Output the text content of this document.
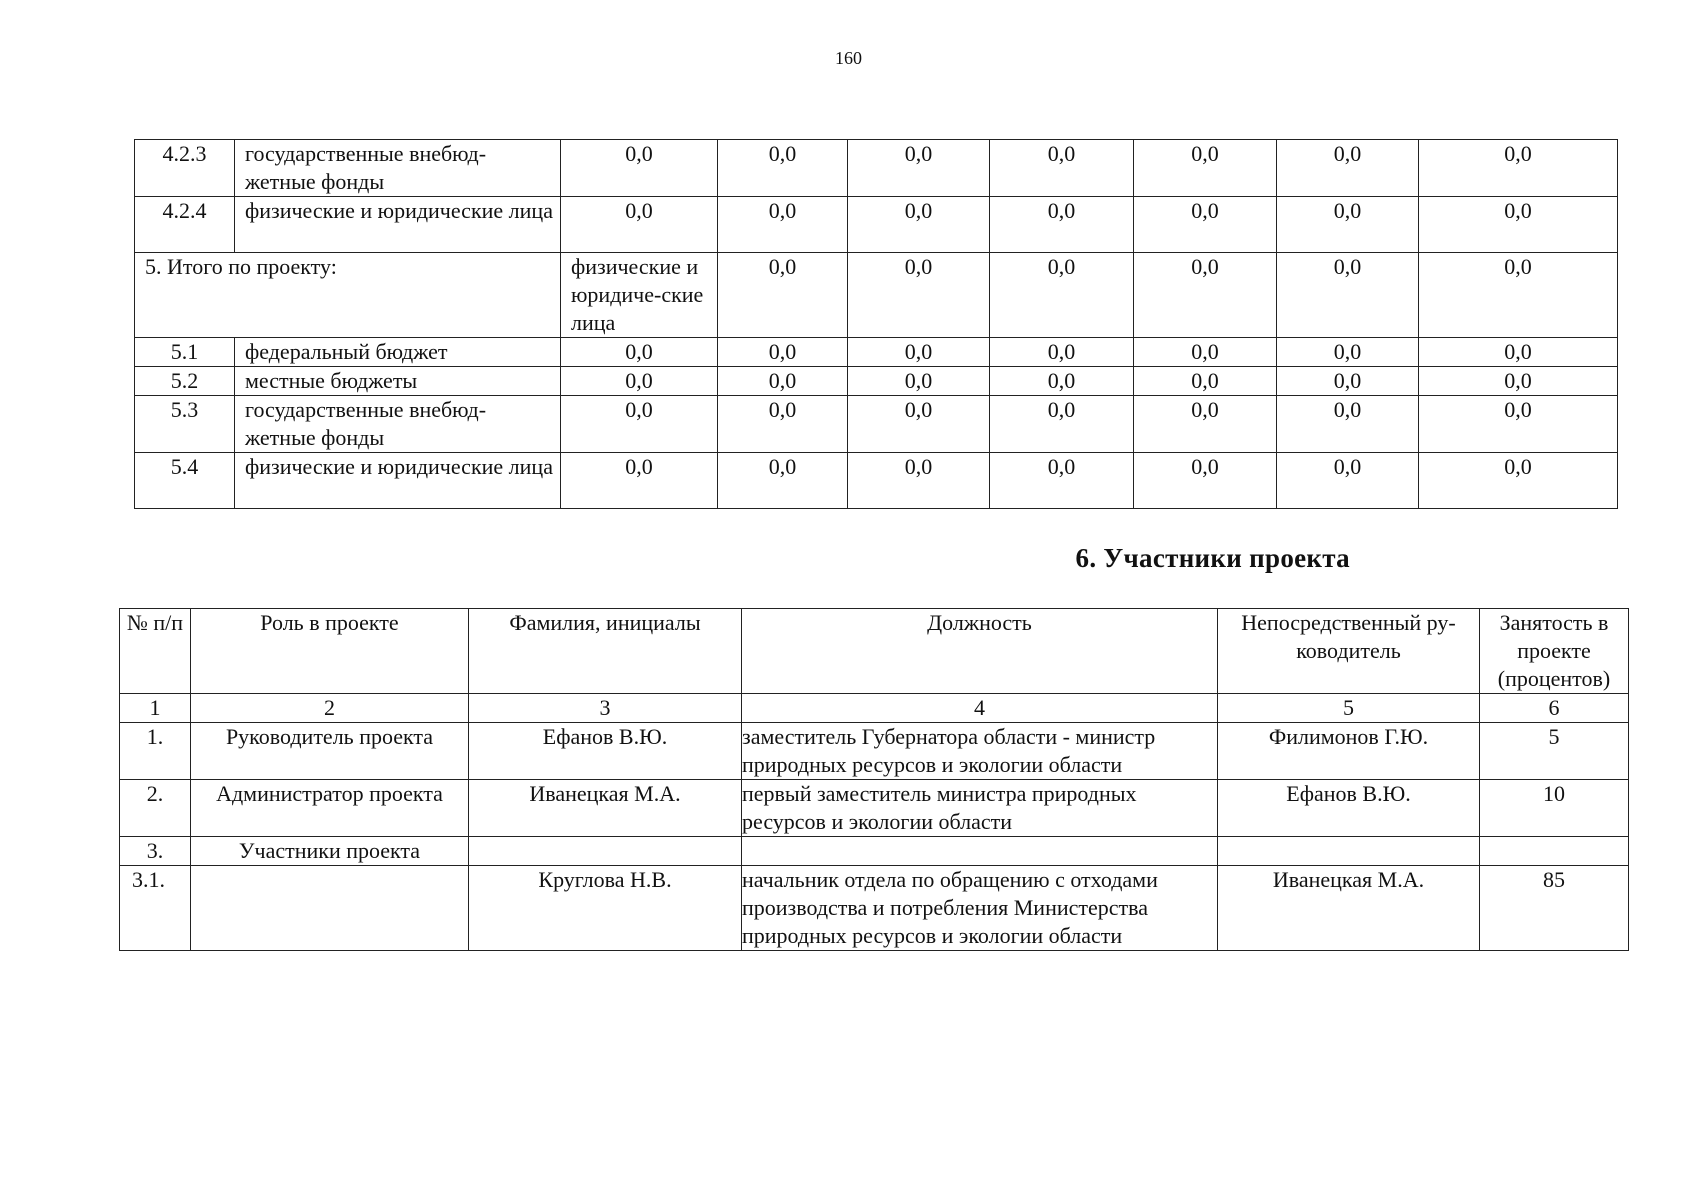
160
4.2.3	государственные внебюд-жетные фонды	0,0	0,0	0,0	0,0	0,0	0,0	0,0
4.2.4	физические и юридические лица	0,0	0,0	0,0	0,0	0,0	0,0	0,0
5. Итого по проекту:		физические и юридиче-ские лица	0,0	0,0	0,0	0,0	0,0	0,0
5.1	федеральный бюджет	0,0	0,0	0,0	0,0	0,0	0,0	0,0
5.2	местные бюджеты	0,0	0,0	0,0	0,0	0,0	0,0	0,0
5.3	государственные внебюд-жетные фонды	0,0	0,0	0,0	0,0	0,0	0,0	0,0
5.4	физические и юридические лица	0,0	0,0	0,0	0,0	0,0	0,0	0,0
6. Участники проекта
№ п/п	Роль в проекте	Фамилия, инициалы	Должность	Непосредственный ру-ководитель	Занятость в проекте (процентов)
1	2	3	4	5	6
1.	Руководитель проекта	Ефанов В.Ю.	заместитель Губернатора области - министр природных ресурсов и экологии области	Филимонов Г.Ю.	5
2.	Администратор проекта	Иванецкая М.А.	первый заместитель министра природных ресурсов и экологии области	Ефанов В.Ю.	10
3.	Участники проекта				
3.1.		Круглова Н.В.	начальник отдела по обращению с отходами производства и потребления Министерства природных ресурсов и экологии области	Иванецкая М.А.	85
